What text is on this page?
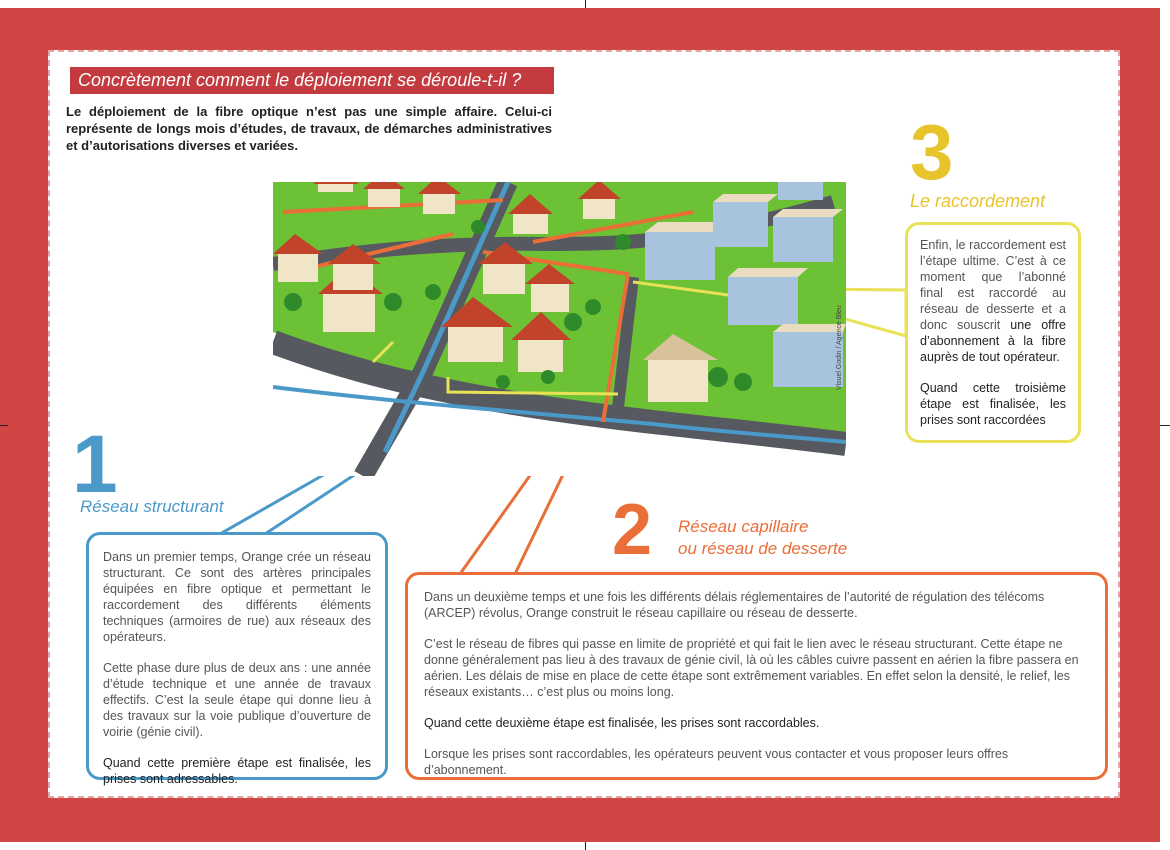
Concrètement comment le déploiement se déroule-t-il ?
Le déploiement de la fibre optique n’est pas une simple affaire. Celui-ci représente de longs mois d’études, de travaux, de démarches administratives et d’autorisations diverses et variées.
Visuel Godin / Agence Bleu
1
Réseau structurant

Dans un premier temps, Orange crée un réseau structurant. Ce sont des artères principales équipées en fibre optique et permettant le raccordement des différents éléments techniques (armoires de rue) aux réseaux des opérateurs.

Cette phase dure plus de deux ans : une année d’étude technique et une année de travaux effectifs. C’est la seule étape qui donne lieu à des travaux sur la voie publique d’ouverture de voirie (génie civil).

Quand cette première étape est finalisée, les prises sont adressables.

2 Réseau capillaire
ou réseau de desserte

Dans un deuxième temps et une fois les différents délais réglementaires de l’autorité de régulation des télécoms (ARCEP) révolus, Orange construit le réseau capillaire ou réseau de desserte.

C’est le réseau de fibres qui passe en limite de propriété et qui fait le lien avec le réseau structurant. Cette étape ne donne généralement pas lieu à des travaux de génie civil, là où les câbles cuivre passent en aérien la fibre passera en aérien. Les délais de mise en place de cette étape sont extrêmement variables. En effet selon la densité, le relief, les réseaux existants… c’est plus ou moins long.

Quand cette deuxième étape est finalisée, les prises sont raccordables.

Lorsque les prises sont raccordables, les opérateurs peuvent vous contacter et vous proposer leurs offres d’abonnement.

3
Le raccordement

Enfin, le raccordement est l’étape ultime. C’est à ce moment que l’abonné final est raccordé au réseau de desserte et a donc souscrit une offre d’abonnement à la fibre auprès de tout opérateur.

Quand cette troisième étape est finalisée, les prises sont raccordées
